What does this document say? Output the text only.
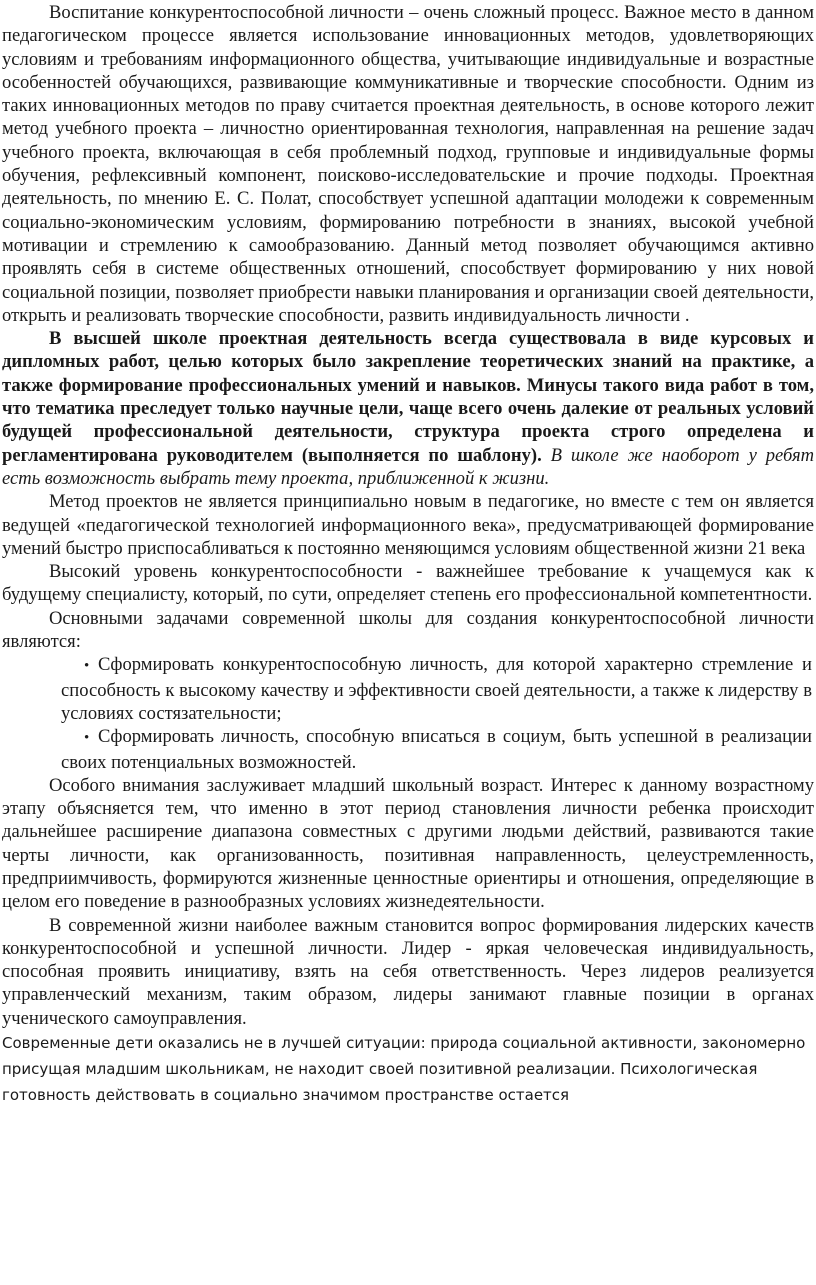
Воспитание конкурентоспособной личности – очень сложный процесс. Важное место в данном педагогическом процессе является использование инновационных методов, удовлетворяющих условиям и требованиям информационного общества, учитывающие индивидуальные и возрастные особенностей обучающихся, развивающие коммуникативные и творческие способности. Одним из таких инновационных методов по праву считается проектная деятельность, в основе которого лежит метод учебного проекта – личностно ориентированная технология, направленная на решение задач учебного проекта, включающая в себя проблемный подход, групповые и индивидуальные формы обучения, рефлексивный компонент, поисково-исследовательские и прочие подходы. Проектная деятельность, по мнению Е. С. Полат, способствует успешной адаптации молодежи к современным социально-экономическим условиям, формированию потребности в знаниях, высокой учебной мотивации и стремлению к самообразованию. Данный метод позволяет обучающимся активно проявлять себя в системе общественных отношений, способствует формированию у них новой социальной позиции, позволяет приобрести навыки планирования и организации своей деятельности, открыть и реализовать творческие способности, развить индивидуальность личности .

В высшей школе проектная деятельность всегда существовала в виде курсовых и дипломных работ, целью которых было закрепление теоретических знаний на практике, а также формирование профессиональных умений и навыков. Минусы такого вида работ в том, что тематика преследует только научные цели, чаще всего очень далекие от реальных условий будущей профессиональной деятельности, структура проекта строго определена и регламентирована руководителем (выполняется по шаблону). В школе же наоборот у ребят есть возможность выбрать тему проекта, приближенной к жизни.

Метод проектов не является принципиально новым в педагогике, но вместе с тем он является ведущей «педагогической технологией информационного века», предусматривающей формирование умений быстро приспосабливаться к постоянно меняющимся условиям общественной жизни 21 века

Высокий уровень конкурентоспособности - важнейшее требование к учащемуся как к будущему специалисту, который, по сути, определяет степень его профессиональной компетентности.

Основными задачами современной школы для создания конкурентоспособной личности являются:

• Сформировать конкурентоспособную личность, для которой характерно стремление и способность к высокому качеству и эффективности своей деятельности, а также к лидерству в условиях состязательности;
• Сформировать личность, способную вписаться в социум, быть успешной в реализации своих потенциальных возможностей.

Особого внимания заслуживает младший школьный возраст. Интерес к данному возрастному этапу объясняется тем, что именно в этот период становления личности ребенка происходит дальнейшее расширение диапазона совместных с другими людьми действий, развиваются такие черты личности, как организованность, позитивная направленность, целеустремленность, предприимчивость, формируются жизненные ценностные ориентиры и отношения, определяющие в целом его поведение в разнообразных условиях жизнедеятельности.

В современной жизни наиболее важным становится вопрос формирования лидерских качеств конкурентоспособной и успешной личности. Лидер - яркая человеческая индивидуальность, способная проявить инициативу, взять на себя ответственность. Через лидеров реализуется управленческий механизм, таким образом, лидеры занимают главные позиции в органах ученического самоуправления.

Современные дети оказались не в лучшей ситуации: природа социальной активности, закономерно присущая младшим школьникам, не находит своей позитивной реализации. Психологическая готовность действовать в социально значимом пространстве остается
